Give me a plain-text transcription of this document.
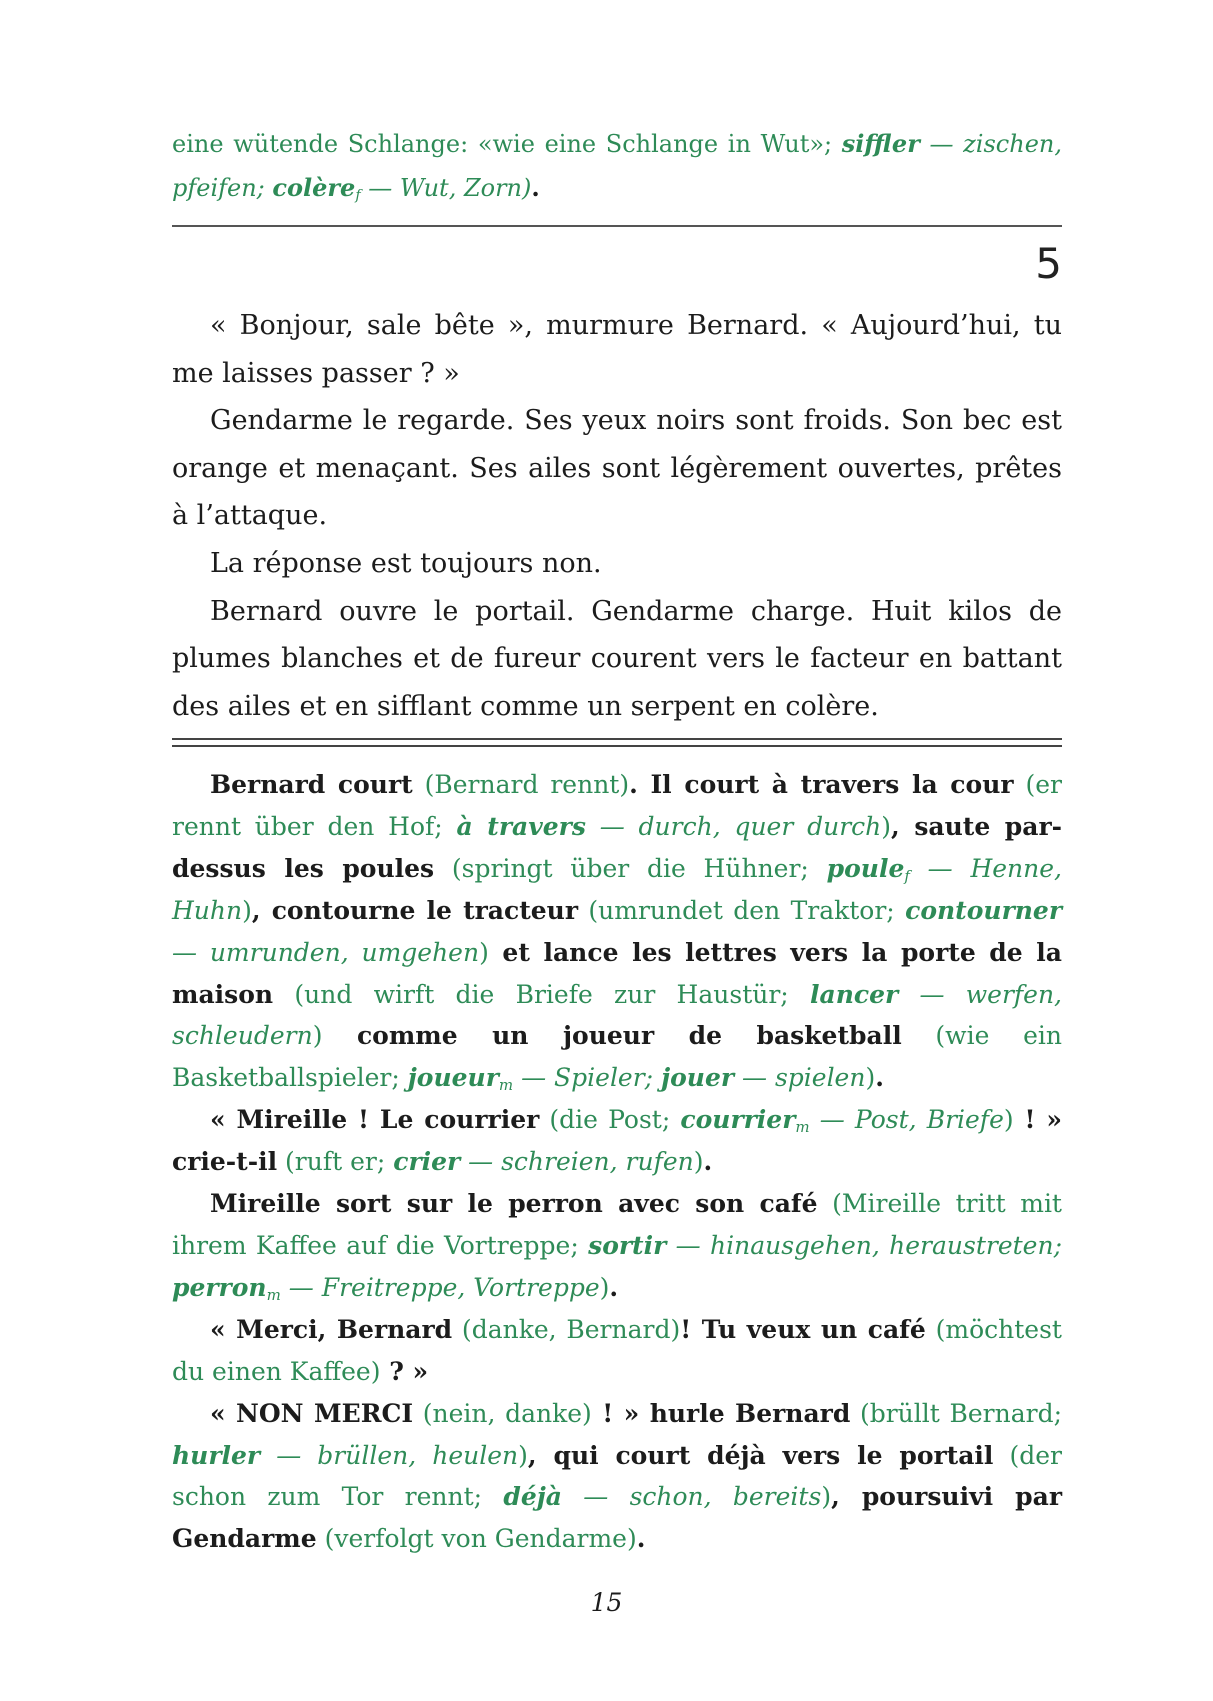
eine wütende Schlange: «wie eine Schlange in Wut»; siffler — zischen, pfeifen; colère$_f$ — Wut, Zorn).
5

« Bonjour, sale bête », murmure Bernard. « Aujourd’hui, tu me laisses passer ? »

Gendarme le regarde. Ses yeux noirs sont froids. Son bec est orange et menaçant. Ses ailes sont légèrement ouvertes, prêtes à l’attaque.

La réponse est toujours non.

Bernard ouvre le portail. Gendarme charge. Huit kilos de plumes blanches et de fureur courent vers le facteur en battant des ailes et en sifflant comme un serpent en colère.

Bernard court (Bernard rennt). Il court à travers la cour (er rennt über den Hof; à travers — durch, quer durch), saute par-dessus les poules (springt über die Hühner; poule$_f$ — Henne, Huhn), contourne le tracteur (umrundet den Traktor; contourner — umrunden, umgehen) et lance les lettres vers la porte de la maison (und wirft die Briefe zur Haustür; lancer — werfen, schleudern) comme un joueur de basketball (wie ein Basketballspieler; joueur$_m$ — Spieler; jouer — spielen).

« Mireille ! Le courrier (die Post; courrier$_m$ — Post, Briefe) ! » crie-t-il (ruft er; crier — schreien, rufen).

Mireille sort sur le perron avec son café (Mireille tritt mit ihrem Kaffee auf die Vortreppe; sortir — hinausgehen, heraustreten; perron$_m$ — Freitreppe, Vortreppe).

« Merci, Bernard (danke, Bernard)! Tu veux un café (möchtest du einen Kaffee) ? »

« NON MERCI (nein, danke) ! » hurle Bernard (brüllt Bernard; hurler — brüllen, heulen), qui court déjà vers le portail (der schon zum Tor rennt; déjà — schon, bereits), poursuivi par Gendarme (verfolgt von Gendarme).

15
